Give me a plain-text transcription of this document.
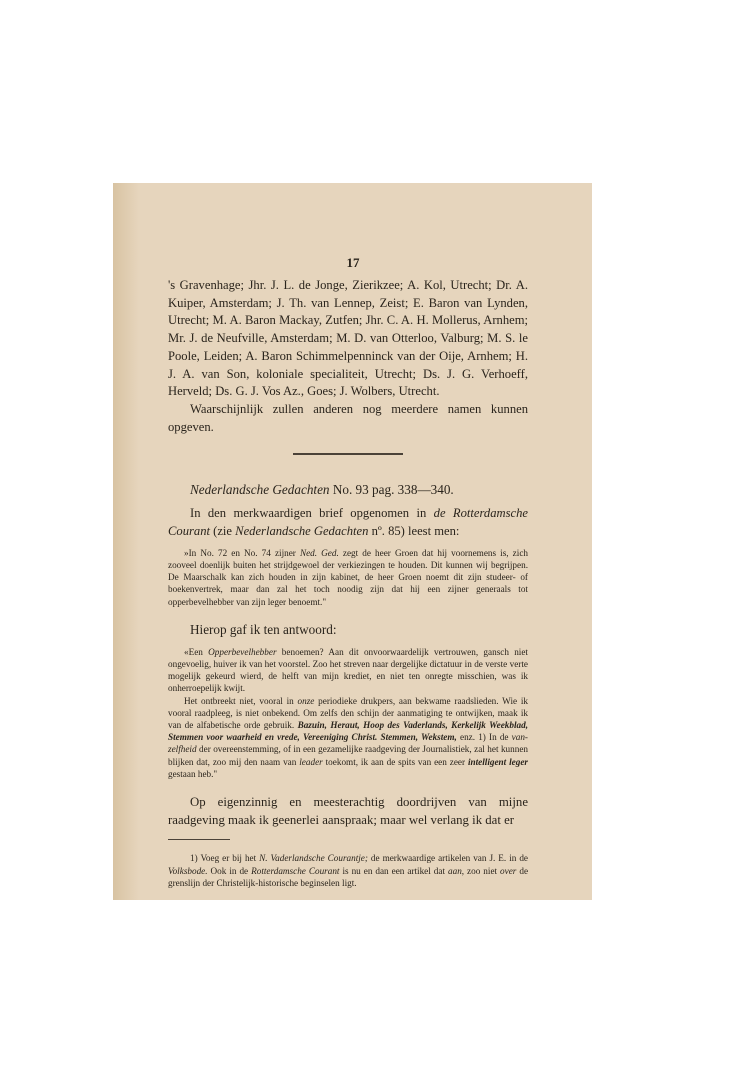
17

's Gravenhage; Jhr. J. L. de Jonge, Zierikzee; A. Kol, Utrecht; Dr. A. Kuiper, Amsterdam; J. Th. van Lennep, Zeist; E. Baron van Lynden, Utrecht; M. A. Baron Mackay, Zutfen; Jhr. C. A. H. Mollerus, Arnhem; Mr. J. de Neufville, Amsterdam; M. D. van Otterloo, Valburg; M. S. le Poole, Leiden; A. Baron Schimmelpenninck van der Oije, Arnhem; H. J. A. van Son, koloniale specialiteit, Utrecht; Ds. J. G. Verhoeff, Herveld; Ds. G. J. Vos Az., Goes; J. Wolbers, Utrecht.

Waarschijnlijk zullen anderen nog meerdere namen kunnen opgeven.

Nederlandsche Gedachten No. 93 pag. 338—340.

In den merkwaardigen brief opgenomen in de Rotterdamsche Courant (zie Nederlandsche Gedachten nº. 85) leest men:

»In No. 72 en No. 74 zijner Ned. Ged. zegt de heer Groen dat hij voornemens is, zich zooveel doenlijk buiten het strijdgewoel der verkiezingen te houden. Dit kunnen wij begrijpen. De Maarschalk kan zich houden in zijn kabinet, de heer Groen noemt dit zijn studeer- of boekenvertrek, maar dan zal het toch noodig zijn dat hij een zijner generaals tot opperbevelhebber van zijn leger benoemt."

Hierop gaf ik ten antwoord:

«Een Opperbevelhebber benoemen? Aan dit onvoorwaardelijk vertrouwen, gansch niet ongevoelig, huiver ik van het voorstel. Zoo het streven naar dergelijke dictatuur in de verste verte mogelijk gekeurd wierd, de helft van mijn krediet, en niet ten onregte misschien, was ik onherroepelijk kwijt.

Het ontbreekt niet, vooral in onze periodieke drukpers, aan bekwame raadslieden. Wie ik vooral raadpleeg, is niet onbekend. Om zelfs den schijn der aanmatiging te ontwijken, maak ik van de alfabetische orde gebruik. Bazuin, Heraut, Hoop des Vaderlands, Kerkelijk Weekblad, Stemmen voor waarheid en vrede, Vereeniging Christ. Stemmen, Wekstem, enz. 1) In de van-zelfheid der overeenstemming, of in een gezamelijke raadgeving der Journalistiek, zal het kunnen blijken dat, zoo mij den naam van leader toekomt, ik aan de spits van een zeer intelligent leger gestaan heb."

Op eigenzinnig en meesterachtig doordrijven van mijne raadgeving maak ik geenerlei aanspraak; maar wel verlang ik dat er

1) Voeg er bij het N. Vaderlandsche Courantje; de merkwaardige artikelen van J. E. in de Volksbode. Ook in de Rotterdamsche Courant is nu en dan een artikel dat aan, zoo niet over de grenslijn der Christelijk-historische beginselen ligt.
